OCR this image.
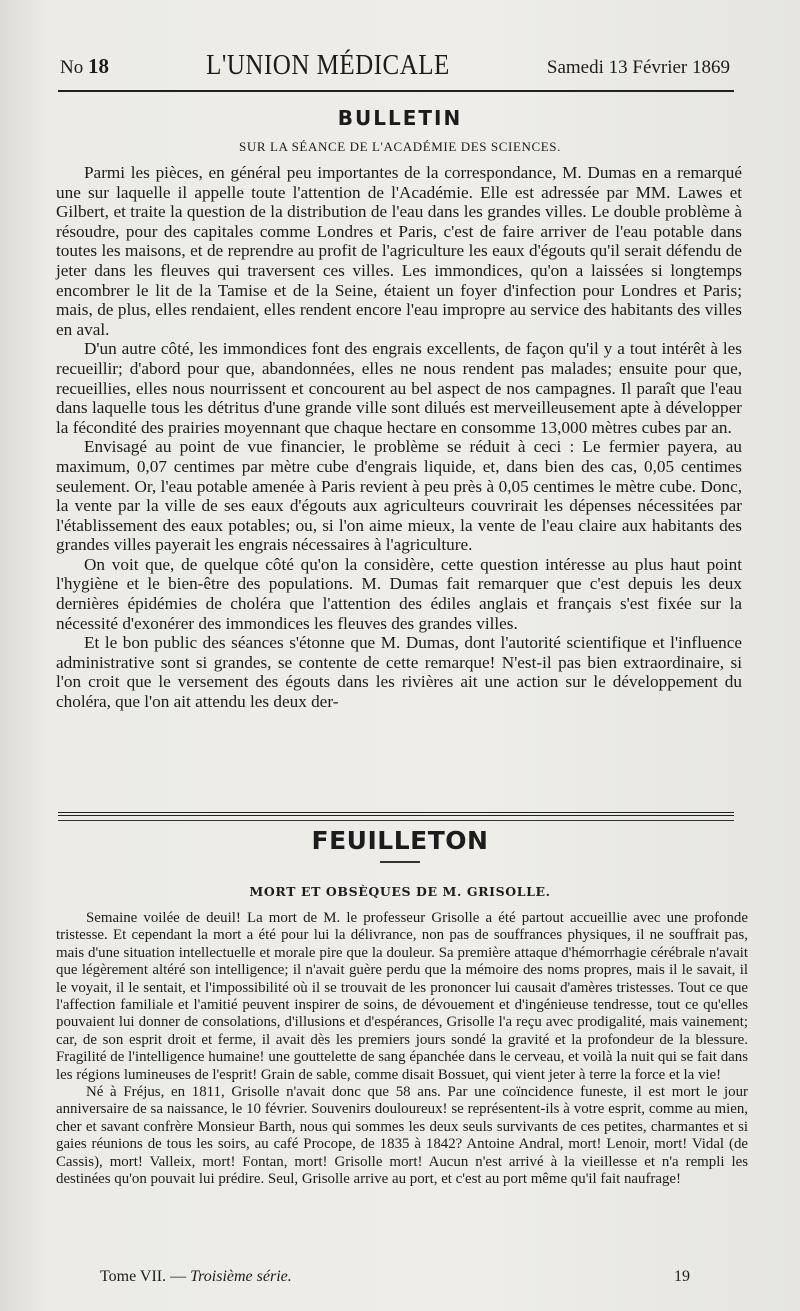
No 18	L'UNION MÉDICALE	Samedi 13 Février 1869
BULLETIN
SUR LA SÉANCE DE L'ACADÉMIE DES SCIENCES.

Parmi les pièces, en général peu importantes de la correspondance, M. Dumas en a remarqué une sur laquelle il appelle toute l'attention de l'Académie. Elle est adressée par MM. Lawes et Gilbert, et traite la question de la distribution de l'eau dans les grandes villes. Le double problème à résoudre, pour des capitales comme Londres et Paris, c'est de faire arriver de l'eau potable dans toutes les maisons, et de reprendre au profit de l'agriculture les eaux d'égouts qu'il serait défendu de jeter dans les fleuves qui traversent ces villes. Les immondices, qu'on a laissées si longtemps encombrer le lit de la Tamise et de la Seine, étaient un foyer d'infection pour Londres et Paris; mais, de plus, elles rendaient, elles rendent encore l'eau impropre au service des habitants des villes en aval.

D'un autre côté, les immondices font des engrais excellents, de façon qu'il y a tout intérêt à les recueillir; d'abord pour que, abandonnées, elles ne nous rendent pas malades; ensuite pour que, recueillies, elles nous nourrissent et concourent au bel aspect de nos campagnes. Il paraît que l'eau dans laquelle tous les détritus d'une grande ville sont dilués est merveilleusement apte à développer la fécondité des prairies moyennant que chaque hectare en consomme 13,000 mètres cubes par an.

Envisagé au point de vue financier, le problème se réduit à ceci : Le fermier payera, au maximum, 0,07 centimes par mètre cube d'engrais liquide, et, dans bien des cas, 0,05 centimes seulement. Or, l'eau potable amenée à Paris revient à peu près à 0,05 centimes le mètre cube. Donc, la vente par la ville de ses eaux d'égouts aux agriculteurs couvrirait les dépenses nécessitées par l'établissement des eaux potables; ou, si l'on aime mieux, la vente de l'eau claire aux habitants des grandes villes payerait les engrais nécessaires à l'agriculture.

On voit que, de quelque côté qu'on la considère, cette question intéresse au plus haut point l'hygiène et le bien-être des populations. M. Dumas fait remarquer que c'est depuis les deux dernières épidémies de choléra que l'attention des édiles anglais et français s'est fixée sur la nécessité d'exonérer des immondices les fleuves des grandes villes.

Et le bon public des séances s'étonne que M. Dumas, dont l'autorité scientifique et l'influence administrative sont si grandes, se contente de cette remarque! N'est-il pas bien extraordinaire, si l'on croit que le versement des égouts dans les rivières ait une action sur le développement du choléra, que l'on ait attendu les deux der-

FEUILLETON
MORT ET OBSÈQUES DE M. GRISOLLE.

Semaine voilée de deuil! La mort de M. le professeur Grisolle a été partout accueillie avec une profonde tristesse. Et cependant la mort a été pour lui la délivrance, non pas de souffrances physiques, il ne souffrait pas, mais d'une situation intellectuelle et morale pire que la douleur. Sa première attaque d'hémorrhagie cérébrale n'avait que légèrement altéré son intelligence; il n'avait guère perdu que la mémoire des noms propres, mais il le savait, il le voyait, il le sentait, et l'impossibilité où il se trouvait de les prononcer lui causait d'amères tristesses. Tout ce que l'affection familiale et l'amitié peuvent inspirer de soins, de dévouement et d'ingénieuse tendresse, tout ce qu'elles pouvaient lui donner de consolations, d'illusions et d'espérances, Grisolle l'a reçu avec prodigalité, mais vainement; car, de son esprit droit et ferme, il avait dès les premiers jours sondé la gravité et la profondeur de la blessure. Fragilité de l'intelligence humaine! une gouttelette de sang épanchée dans le cerveau, et voilà la nuit qui se fait dans les régions lumineuses de l'esprit! Grain de sable, comme disait Bossuet, qui vient jeter à terre la force et la vie!

Né à Fréjus, en 1811, Grisolle n'avait donc que 58 ans. Par une coïncidence funeste, il est mort le jour anniversaire de sa naissance, le 10 février. Souvenirs douloureux! se représentent-ils à votre esprit, comme au mien, cher et savant confrère Monsieur Barth, nous qui sommes les deux seuls survivants de ces petites, charmantes et si gaies réunions de tous les soirs, au café Procope, de 1835 à 1842? Antoine Andral, mort! Lenoir, mort! Vidal (de Cassis), mort! Valleix, mort! Fontan, mort! Grisolle mort! Aucun n'est arrivé à la vieillesse et n'a rempli les destinées qu'on pouvait lui prédire. Seul, Grisolle arrive au port, et c'est au port même qu'il fait naufrage!

Tome VII. — Troisième série.	19
